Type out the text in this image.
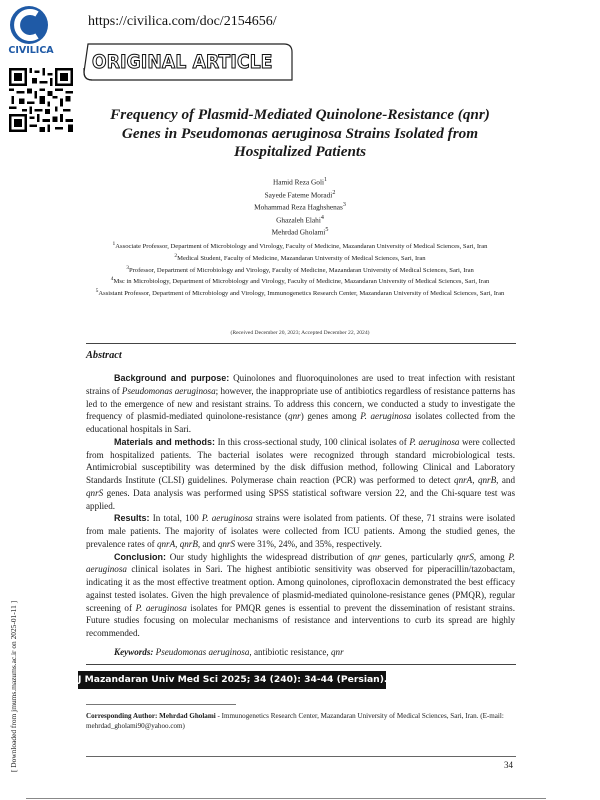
CIVILICA
https://civilica.com/doc/2154656/
ORIGINAL ARTICLE
Frequency of Plasmid-Mediated Quinolone-Resistance (qnr)
Genes in Pseudomonas aeruginosa Strains Isolated from
Hospitalized Patients
Hamid Reza Goli$^1$
Sayede Fateme Moradi$^2$
Mohammad Reza Haghshenas$^3$
Ghazaleh Elahi$^4$
Mehrdad Gholami$^5$
$^1$Associate Professor, Department of Microbiology and Virology, Faculty of Medicine, Mazandaran University of Medical Sciences, Sari, Iran
$^2$Medical Student, Faculty of Medicine, Mazandaran University of Medical Sciences, Sari, Iran
$^3$Professor, Department of Microbiology and Virology, Faculty of Medicine, Mazandaran University of Medical Sciences, Sari, Iran
$^4$Msc in Microbiology, Department of Microbiology and Virology, Faculty of Medicine, Mazandaran University of Medical Sciences, Sari, Iran
$^5$Assistant Professor, Department of Microbiology and Virology, Immunogenetics Research Center, Mazandaran University of Medical Sciences, Sari, Iran
(Received December 20, 2023; Accepted December 22, 2024)
Abstract

Background and purpose: Quinolones and fluoroquinolones are used to treat infection with resistant strains of Pseudomonas aeruginosa; however, the inappropriate use of antibiotics regardless of resistance patterns has led to the emergence of new and resistant strains. To address this concern, we conducted a study to investigate the frequency of plasmid-mediated quinolone-resistance (qnr) genes among P. aeruginosa isolates collected from the educational hospitals in Sari.

Materials and methods: In this cross-sectional study, 100 clinical isolates of P. aeruginosa were collected from hospitalized patients. The bacterial isolates were recognized through standard microbiological tests. Antimicrobial susceptibility was determined by the disk diffusion method, following Clinical and Laboratory Standards Institute (CLSI) guidelines. Polymerase chain reaction (PCR) was performed to detect qnrA, qnrB, and qnrS genes. Data analysis was performed using SPSS statistical software version 22, and the Chi-square test was applied.

Results: In total, 100 P. aeruginosa strains were isolated from patients. Of these, 71 strains were isolated from male patients. The majority of isolates were collected from ICU patients. Among the studied genes, the prevalence rates of qnrA, qnrB, and qnrS were 31%, 24%, and 35%, respectively.

Conclusion: Our study highlights the widespread distribution of qnr genes, particularly qnrS, among P. aeruginosa clinical isolates in Sari. The highest antibiotic sensitivity was observed for piperacillin/tazobactam, indicating it as the most effective treatment option. Among quinolones, ciprofloxacin demonstrated the best efficacy against tested isolates. Given the high prevalence of plasmid-mediated quinolone-resistance genes (PMQR), regular screening of P. aeruginosa isolates for PMQR genes is essential to prevent the dissemination of resistant strains. Future studies focusing on molecular mechanisms of resistance and interventions to curb its spread are highly recommended.

Keywords: Pseudomonas aeruginosa, antibiotic resistance, qnr
J Mazandaran Univ Med Sci 2025; 34 (240): 34-44 (Persian).
Corresponding Author: Mehrdad Gholami - Immunogenetics Research Center, Mazandaran University of Medical Sciences, Sari, Iran. (E-mail: mehrdad_gholami90@yahoo.com)
34
[ Downloaded from jmums.mazums.ac.ir on 2025-01-11 ]
